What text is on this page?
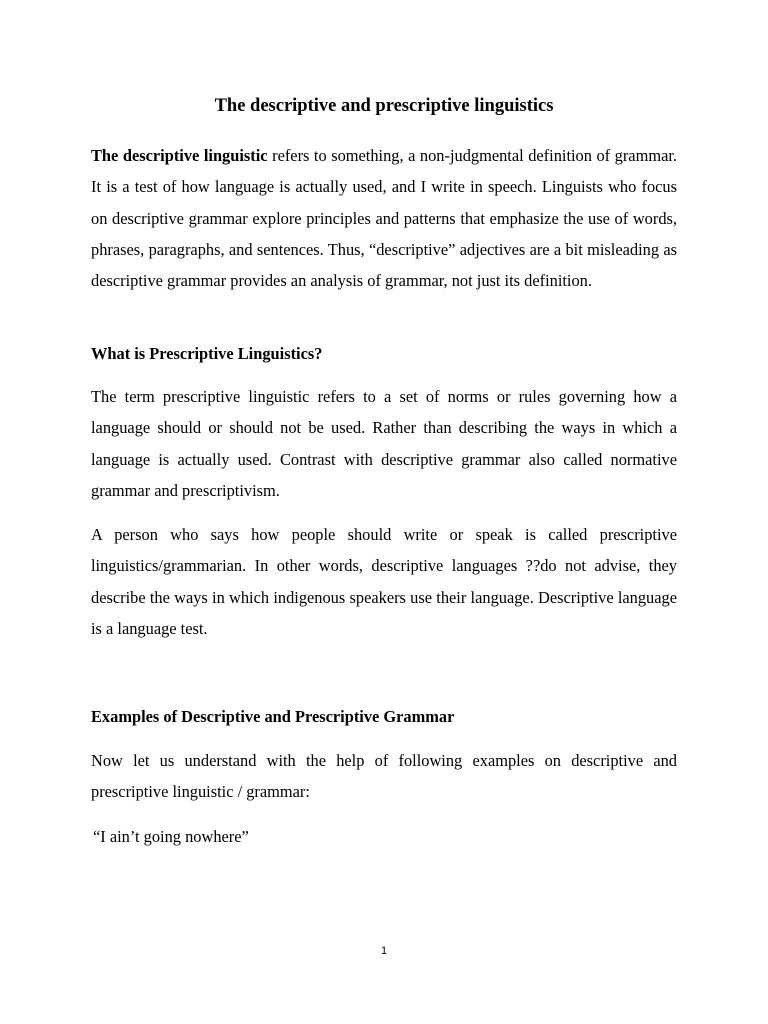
The descriptive and prescriptive linguistics

The descriptive linguistic refers to something, a non-judgmental definition of grammar. It is a test of how language is actually used, and I write in speech. Linguists who focus on descriptive grammar explore principles and patterns that emphasize the use of words, phrases, paragraphs, and sentences. Thus, “descriptive” adjectives are a bit misleading as descriptive grammar provides an analysis of grammar, not just its definition.

What is Prescriptive Linguistics?

The term prescriptive linguistic refers to a set of norms or rules governing how a language should or should not be used. Rather than describing the ways in which a language is actually used. Contrast with descriptive grammar also called normative grammar and prescriptivism.

A person who says how people should write or speak is called prescriptive linguistics/grammarian. In other words, descriptive languages ??do not advise, they describe the ways in which indigenous speakers use their language. Descriptive language is a language test.

Examples of Descriptive and Prescriptive Grammar

Now let us understand with the help of following examples on descriptive and prescriptive linguistic / grammar:

“I ain’t going nowhere”

1
